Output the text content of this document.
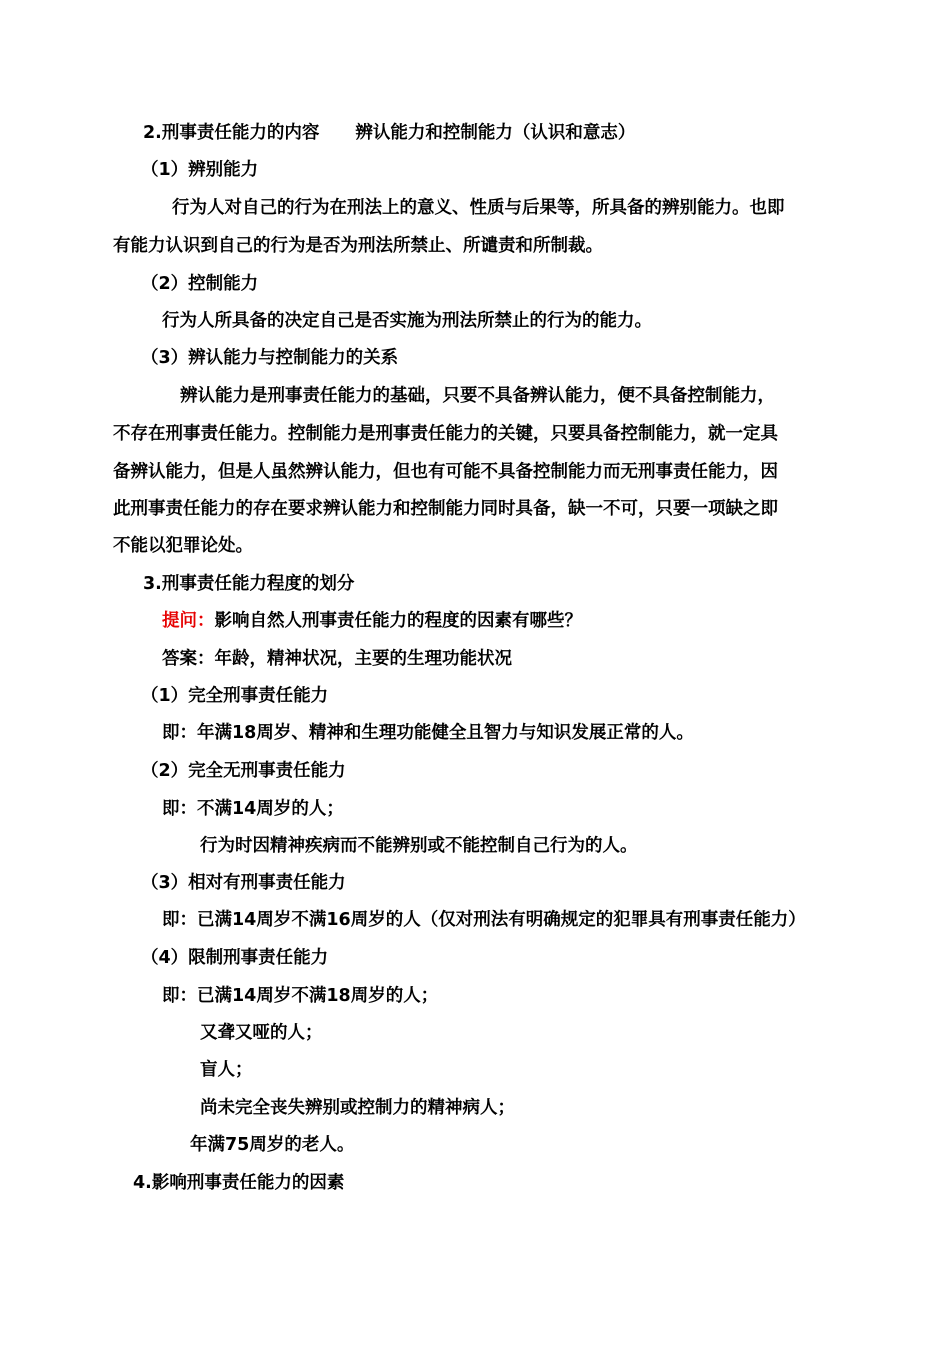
2.刑事责任能力的内容 辨认能力和控制能力（认识和意志）
（1）辨别能力
行为人对自己的行为在刑法上的意义、性质与后果等，所具备的辨别能力。也即
有能力认识到自己的行为是否为刑法所禁止、所谴责和所制裁。
（2）控制能力
行为人所具备的决定自己是否实施为刑法所禁止的行为的能力。
（3）辨认能力与控制能力的关系
辨认能力是刑事责任能力的基础，只要不具备辨认能力，便不具备控制能力，
不存在刑事责任能力。控制能力是刑事责任能力的关键，只要具备控制能力，就一定具
备辨认能力，但是人虽然辨认能力，但也有可能不具备控制能力而无刑事责任能力，因
此刑事责任能力的存在要求辨认能力和控制能力同时具备，缺一不可，只要一项缺之即
不能以犯罪论处。
3.刑事责任能力程度的划分
提问：影响自然人刑事责任能力的程度的因素有哪些？
答案：年龄，精神状况，主要的生理功能状况
（1）完全刑事责任能力
即：年满18周岁、精神和生理功能健全且智力与知识发展正常的人。
（2）完全无刑事责任能力
即：不满14周岁的人；
行为时因精神疾病而不能辨别或不能控制自己行为的人。
（3）相对有刑事责任能力
即：已满14周岁不满16周岁的人（仅对刑法有明确规定的犯罪具有刑事责任能力）
（4）限制刑事责任能力
即：已满14周岁不满18周岁的人；
又聋又哑的人；
盲人；
尚未完全丧失辨别或控制力的精神病人；
年满75周岁的老人。
4.影响刑事责任能力的因素
